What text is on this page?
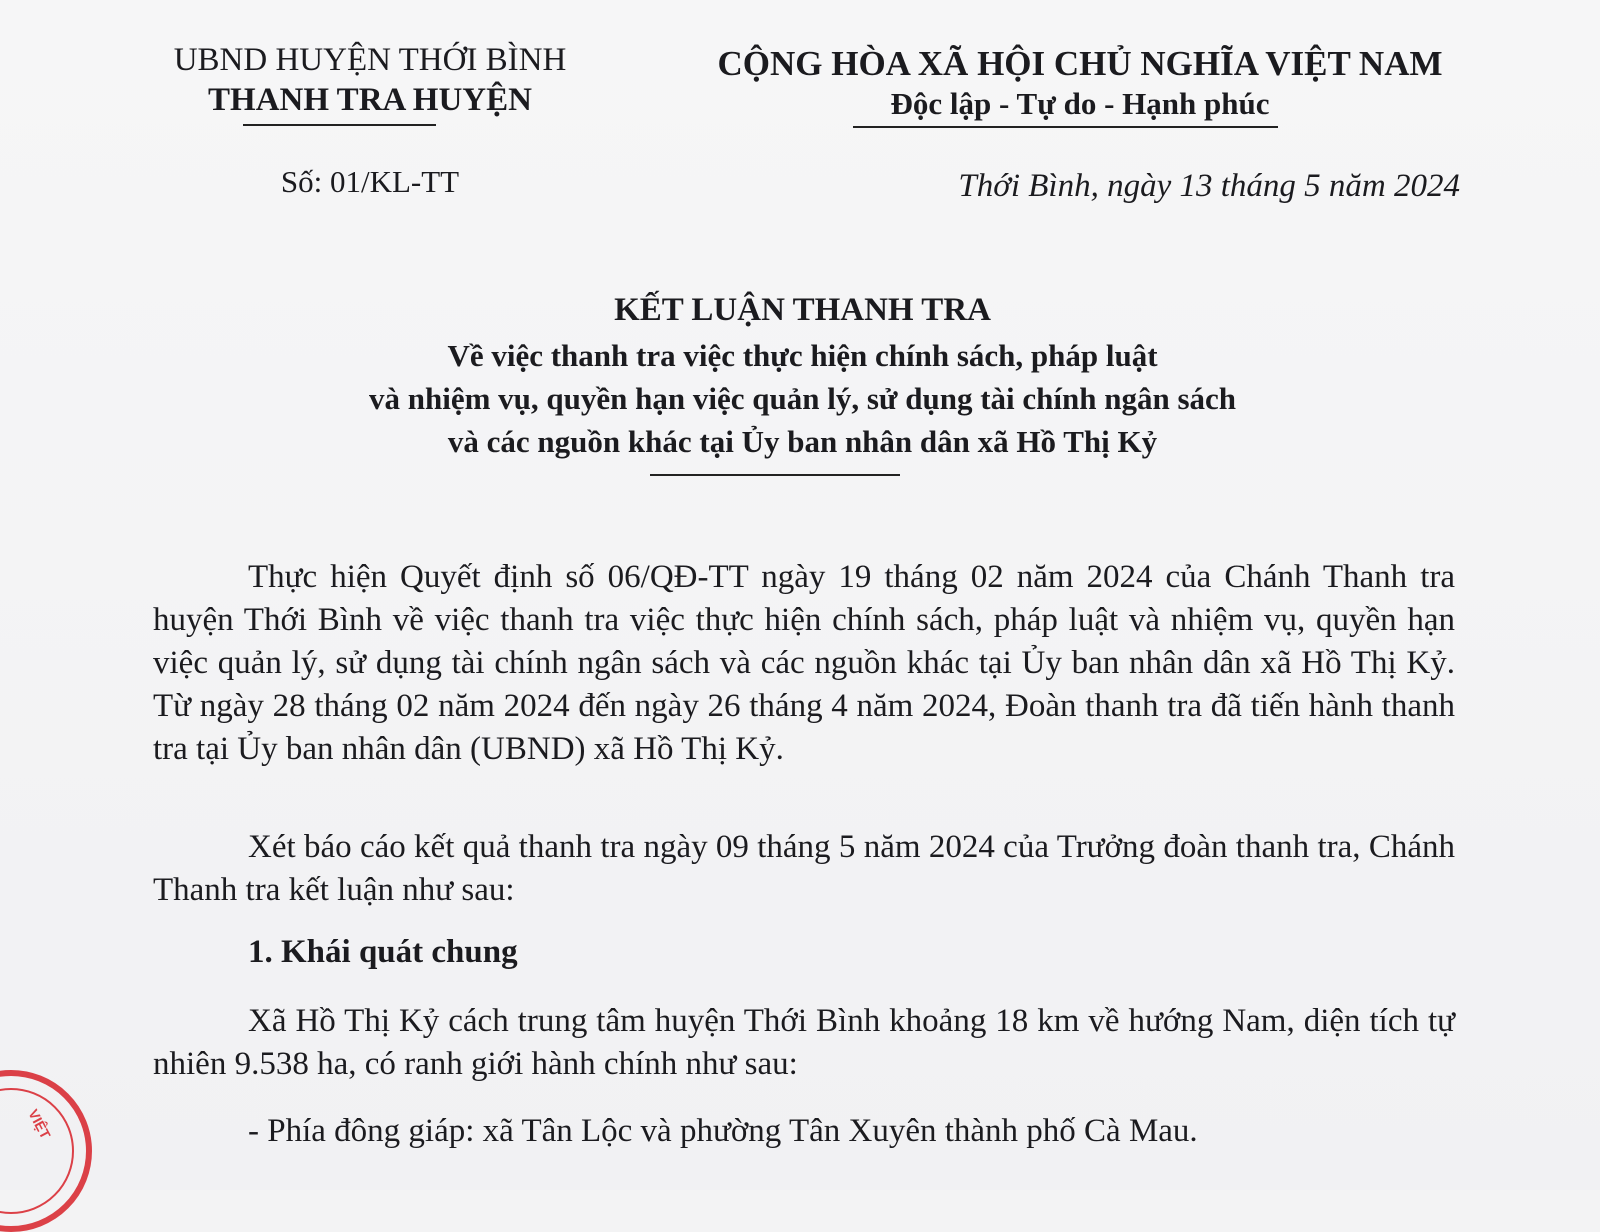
UBND HUYỆN THỚI BÌNH
THANH TRA HUYỆN
Số: 01/KL-TT
CỘNG HÒA XÃ HỘI CHỦ NGHĨA VIỆT NAM
Độc lập - Tự do - Hạnh phúc
Thới Bình, ngày 13 tháng 5 năm 2024
KẾT LUẬN THANH TRA
Về việc thanh tra việc thực hiện chính sách, pháp luật
và nhiệm vụ, quyền hạn việc quản lý, sử dụng tài chính ngân sách
và các nguồn khác tại Ủy ban nhân dân xã Hồ Thị Kỷ

Thực hiện Quyết định số 06/QĐ-TT ngày 19 tháng 02 năm 2024 của Chánh Thanh tra huyện Thới Bình về việc thanh tra việc thực hiện chính sách, pháp luật và nhiệm vụ, quyền hạn việc quản lý, sử dụng tài chính ngân sách và các nguồn khác tại Ủy ban nhân dân xã Hồ Thị Kỷ. Từ ngày 28 tháng 02 năm 2024 đến ngày 26 tháng 4 năm 2024, Đoàn thanh tra đã tiến hành thanh tra tại Ủy ban nhân dân (UBND) xã Hồ Thị Kỷ.

Xét báo cáo kết quả thanh tra ngày 09 tháng 5 năm 2024 của Trưởng đoàn thanh tra, Chánh Thanh tra kết luận như sau:

1. Khái quát chung

Xã Hồ Thị Kỷ cách trung tâm huyện Thới Bình khoảng 18 km về hướng Nam, diện tích tự nhiên 9.538 ha, có ranh giới hành chính như sau:

- Phía đông giáp: xã Tân Lộc và phường Tân Xuyên thành phố Cà Mau.

VIỆT
